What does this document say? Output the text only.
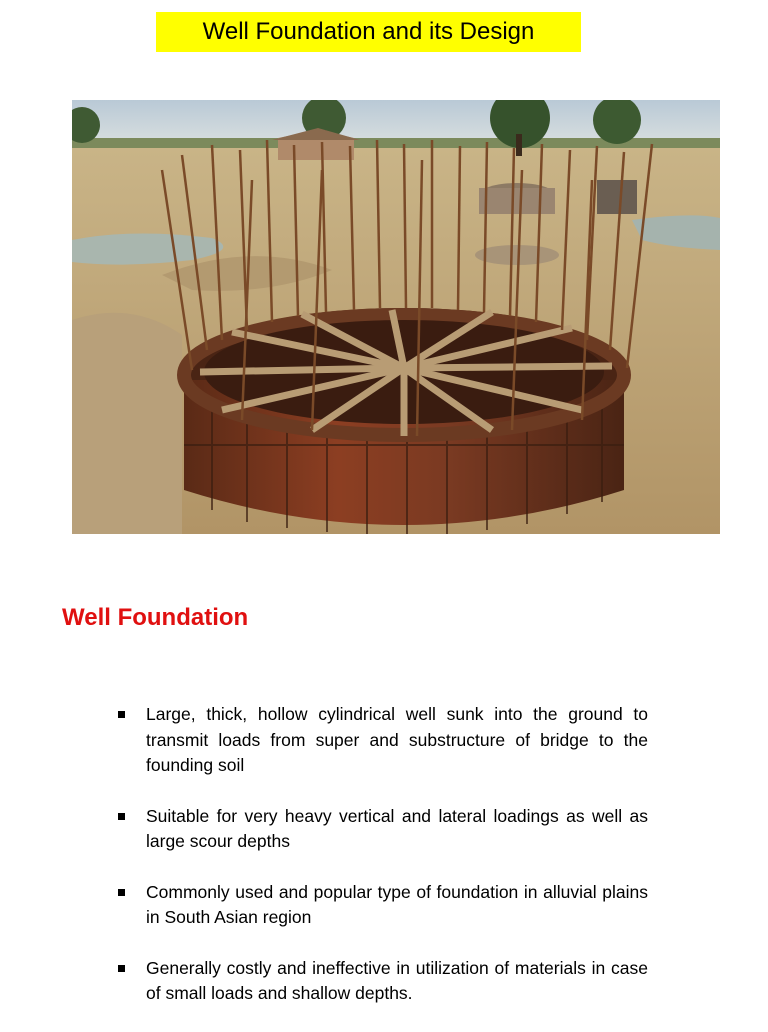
Well Foundation and its Design
Well Foundation
Large, thick, hollow cylindrical well sunk into the ground to transmit loads from super and substructure of bridge to the founding soil
Suitable for very heavy vertical and lateral loadings as well as large scour depths
Commonly used and popular type of foundation in alluvial plains in South Asian region
Generally costly and ineffective in utilization of materials in case of small loads and shallow depths.
